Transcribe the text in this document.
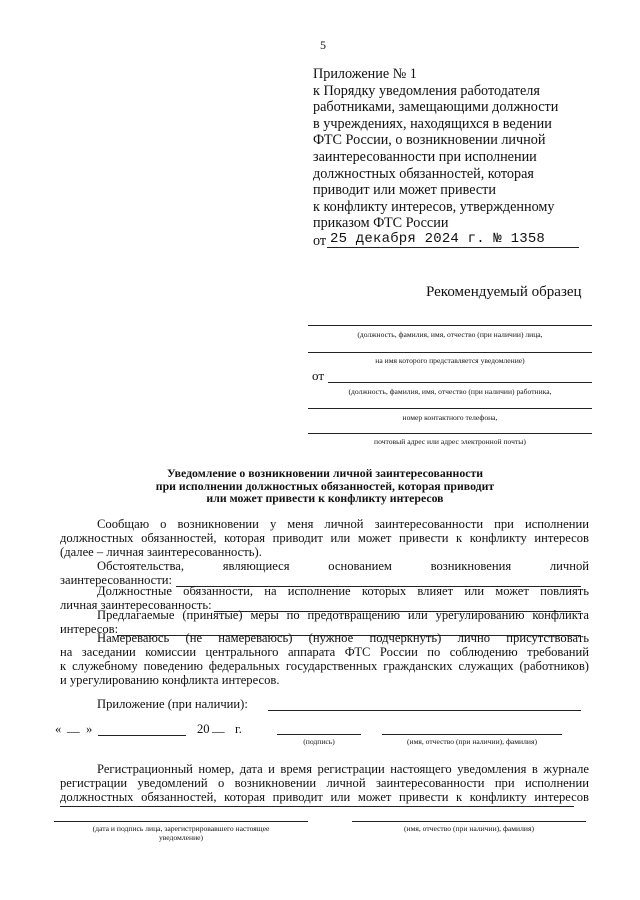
5
Приложение № 1
к Порядку уведомления работодателя
работниками, замещающими должности
в учреждениях, находящихся в ведении
ФТС России, о возникновении личной
заинтересованности при исполнении
должностных обязанностей, которая
приводит или может привести
к конфликту интересов, утвержденному
приказом ФТС России
от 25 декабря 2024 г. № 1358
Рекомендуемый образец
(должность, фамилия, имя, отчество (при наличии) лица,
на имя которого представляется уведомление)
от
(должность, фамилия, имя, отчество (при наличии) работника,
номер контактного телефона,
почтовый адрес или адрес электронной почты)
Уведомление о возникновении личной заинтересованности
при исполнении должностных обязанностей, которая приводит
или может привести к конфликту интересов
Сообщаю о возникновении у меня личной заинтересованности при исполнении
должностных обязанностей, которая приводит или может привести к конфликту интересов
(далее – личная заинтересованность).
Обстоятельства, являющиеся основанием возникновения личной
заинтересованности:
Должностные обязанности, на исполнение которых влияет или может повлиять
личная заинтересованность:
Предлагаемые (принятые) меры по предотвращению или урегулированию конфликта
интересов:
Намереваюсь (не намереваюсь) (нужное подчеркнуть) лично присутствовать
на заседании комиссии центрального аппарата ФТС России по соблюдению требований
к служебному поведению федеральных государственных гражданских служащих (работников)
и урегулированию конфликта интересов.
Приложение (при наличии):
« __ »	20 __ г.
(подпись)	(имя, отчество (при наличии), фамилия)
Регистрационный номер, дата и время регистрации настоящего уведомления в журнале
регистрации уведомлений о возникновении личной заинтересованности при исполнении
должностных обязанностей, которая приводит или может привести к конфликту интересов
(дата и подпись лица, зарегистрировавшего настоящее
уведомление)
(имя, отчество (при наличии), фамилия)
